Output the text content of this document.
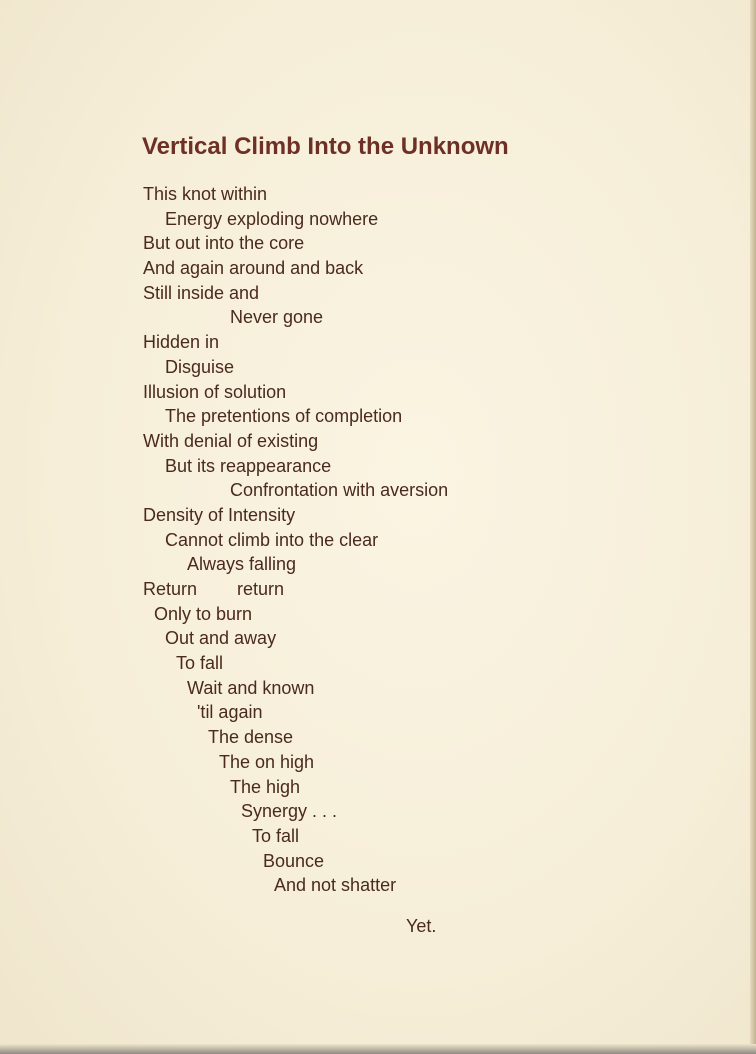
Vertical Climb Into the Unknown
This knot within
Energy exploding nowhere
But out into the core
And again around and back
Still inside and
Never gone
Hidden in
Disguise
Illusion of solution
The pretentions of completion
With denial of existing
But its reappearance
Confrontation with aversion
Density of Intensity
Cannot climb into the clear
Always falling
Return        return
Only to burn
Out and away
To fall
Wait and known
'til again
The dense
The on high
The high
Synergy . . .
To fall
Bounce
And not shatter
Yet.
